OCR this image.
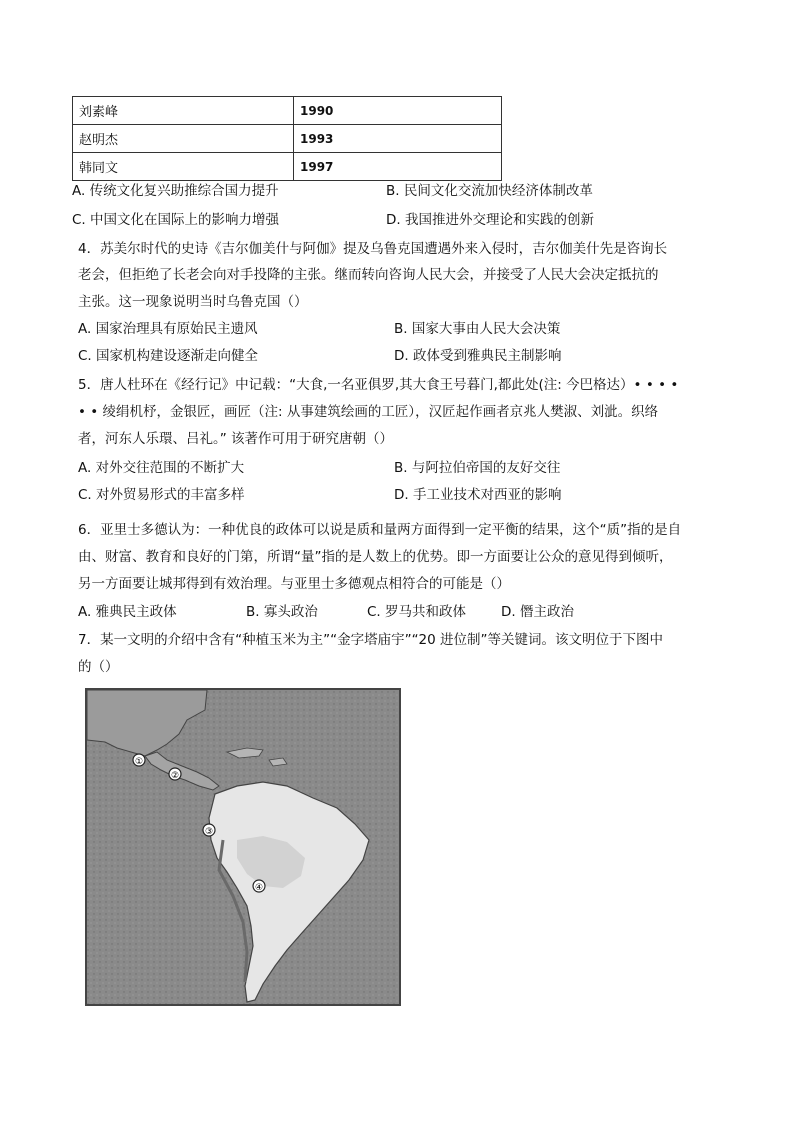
刘素峰	1990
赵明杰	1993
韩同文	1997
A. 传统文化复兴助推综合国力提升	B. 民间文化交流加快经济体制改革
C. 中国文化在国际上的影响力增强	D. 我国推进外交理论和实践的创新
4．苏美尔时代的史诗《吉尔伽美什与阿伽》提及乌鲁克国遭遇外来入侵时，吉尔伽美什先是咨询长
老会，但拒绝了长老会向对手投降的主张。继而转向咨询人民大会，并接受了人民大会决定抵抗的
主张。这一现象说明当时乌鲁克国（）
A. 国家治理具有原始民主遗风	B. 国家大事由人民大会决策
C. 国家机构建设逐渐走向健全	D. 政体受到雅典民主制影响
5．唐人杜环在《经行记》中记载：“大食,一名亚俱罗,其大食王号暮门,都此处(注: 今巴格达）• • • •
• • 绫绢机杼，金银匠，画匠（注: 从事建筑绘画的工匠），汉匠起作画者京兆人樊淑、刘泚。织络
者，河东人乐環、吕礼。” 该著作可用于研究唐朝（）
A. 对外交往范围的不断扩大	B. 与阿拉伯帝国的友好交往
C. 对外贸易形式的丰富多样	D. 手工业技术对西亚的影响
6．亚里士多德认为：一种优良的政体可以说是质和量两方面得到一定平衡的结果，这个“质”指的是自
由、财富、教育和良好的门第，所谓“量”指的是人数上的优势。即一方面要让公众的意见得到倾听，
另一方面要让城邦得到有效治理。与亚里士多德观点相符合的可能是（）
A. 雅典民主政体	B. 寡头政治	C. 罗马共和政体	D. 僭主政治
7．某一文明的介绍中含有“种植玉米为主”“金字塔庙宇”“20 进位制”等关键词。该文明位于下图中
的（）
①
②
③
④
